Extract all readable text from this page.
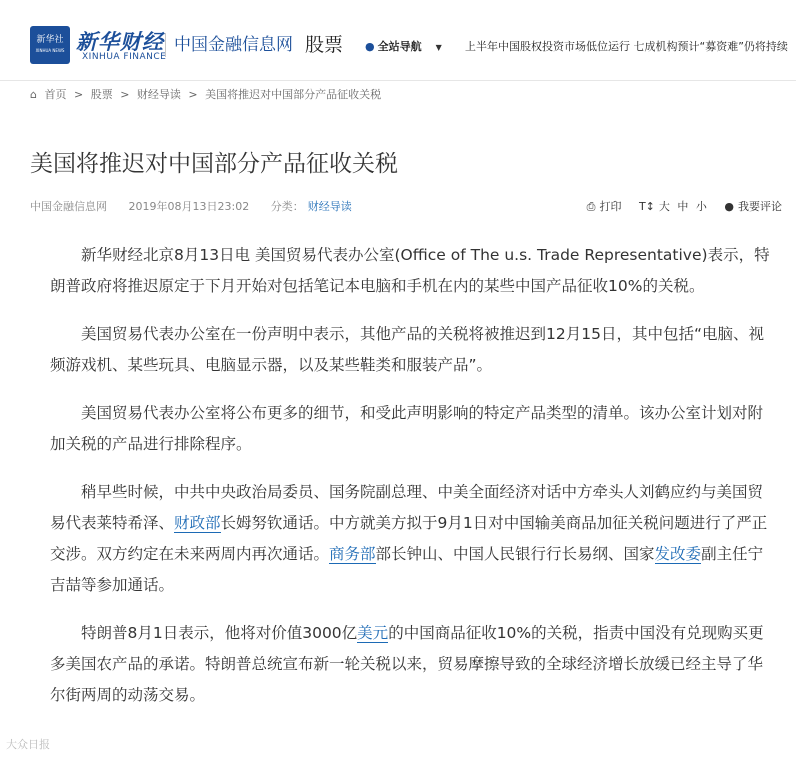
新华社
XINHUA NEWS 新华财经
XINHUA FINANCE
中国金融信息网 股票 ● 全站导航 ▼ 上半年中国股权投资市场低位运行 七成机构预计“募资难”仍将持续
⌂ 首页 > 股票 > 财经导读 > 美国将推迟对中国部分产品征收关税
美国将推迟对中国部分产品征收关税
中国金融信息网 2019年08月13日23:02 分类： 财经导读	⎙ 打印 T↕ 大 中 小 ● 我要评论

新华财经北京8月13日电 美国贸易代表办公室(Office of The u.s. Trade Representative)表示，特朗普政府将推迟原定于下月开始对包括笔记本电脑和手机在内的某些中国产品征收10%的关税。

美国贸易代表办公室在一份声明中表示，其他产品的关税将被推迟到12月15日，其中包括“电脑、视频游戏机、某些玩具、电脑显示器，以及某些鞋类和服装产品”。

美国贸易代表办公室将公布更多的细节，和受此声明影响的特定产品类型的清单。该办公室计划对附加关税的产品进行排除程序。

稍早些时候，中共中央政治局委员、国务院副总理、中美全面经济对话中方牵头人刘鹤应约与美国贸易代表莱特希泽、财政部长姆努钦通话。中方就美方拟于9月1日对中国输美商品加征关税问题进行了严正交涉。双方约定在未来两周内再次通话。商务部部长钟山、中国人民银行行长易纲、国家发改委副主任宁吉喆等参加通话。

特朗普8月1日表示，他将对价值3000亿美元的中国商品征收10%的关税，指责中国没有兑现购买更多美国农产品的承诺。特朗普总统宣布新一轮关税以来，贸易摩擦导致的全球经济增长放缓已经主导了华尔街两周的动荡交易。

大众日报
